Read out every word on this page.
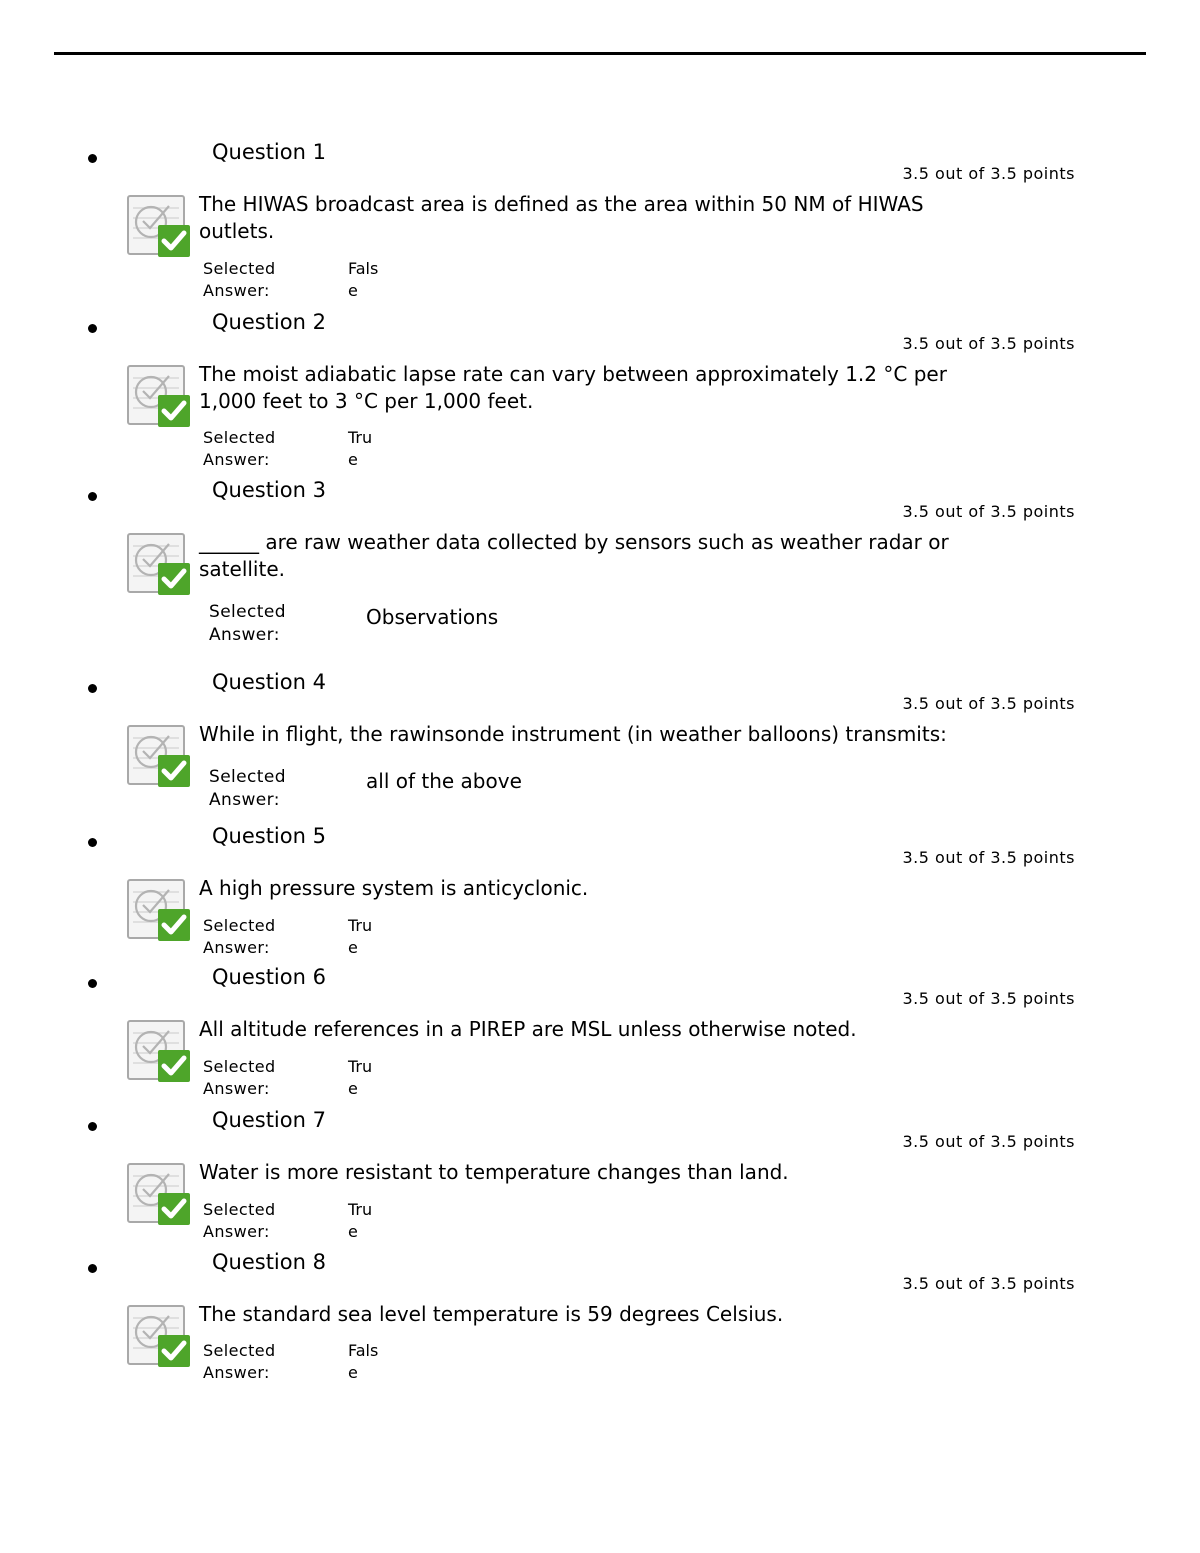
Question 1
3.5 out of 3.5 points
The HIWAS broadcast area is defined as the area within 50 NM of HIWAS outlets.
Selected Answer:
False
Question 2
3.5 out of 3.5 points
The moist adiabatic lapse rate can vary between approximately 1.2 °C per 1,000 feet to 3 °C per 1,000 feet.
Selected Answer:
True
Question 3
3.5 out of 3.5 points
______ are raw weather data collected by sensors such as weather radar or satellite.
Selected Answer:
Observations
Question 4
3.5 out of 3.5 points
While in flight, the rawinsonde instrument (in weather balloons) transmits:
Selected Answer:
all of the above
Question 5
3.5 out of 3.5 points
A high pressure system is anticyclonic.
Selected Answer:
True
Question 6
3.5 out of 3.5 points
All altitude references in a PIREP are MSL unless otherwise noted.
Selected Answer:
True
Question 7
3.5 out of 3.5 points
Water is more resistant to temperature changes than land.
Selected Answer:
True
Question 8
3.5 out of 3.5 points
The standard sea level temperature is 59 degrees Celsius.
Selected Answer:
False
